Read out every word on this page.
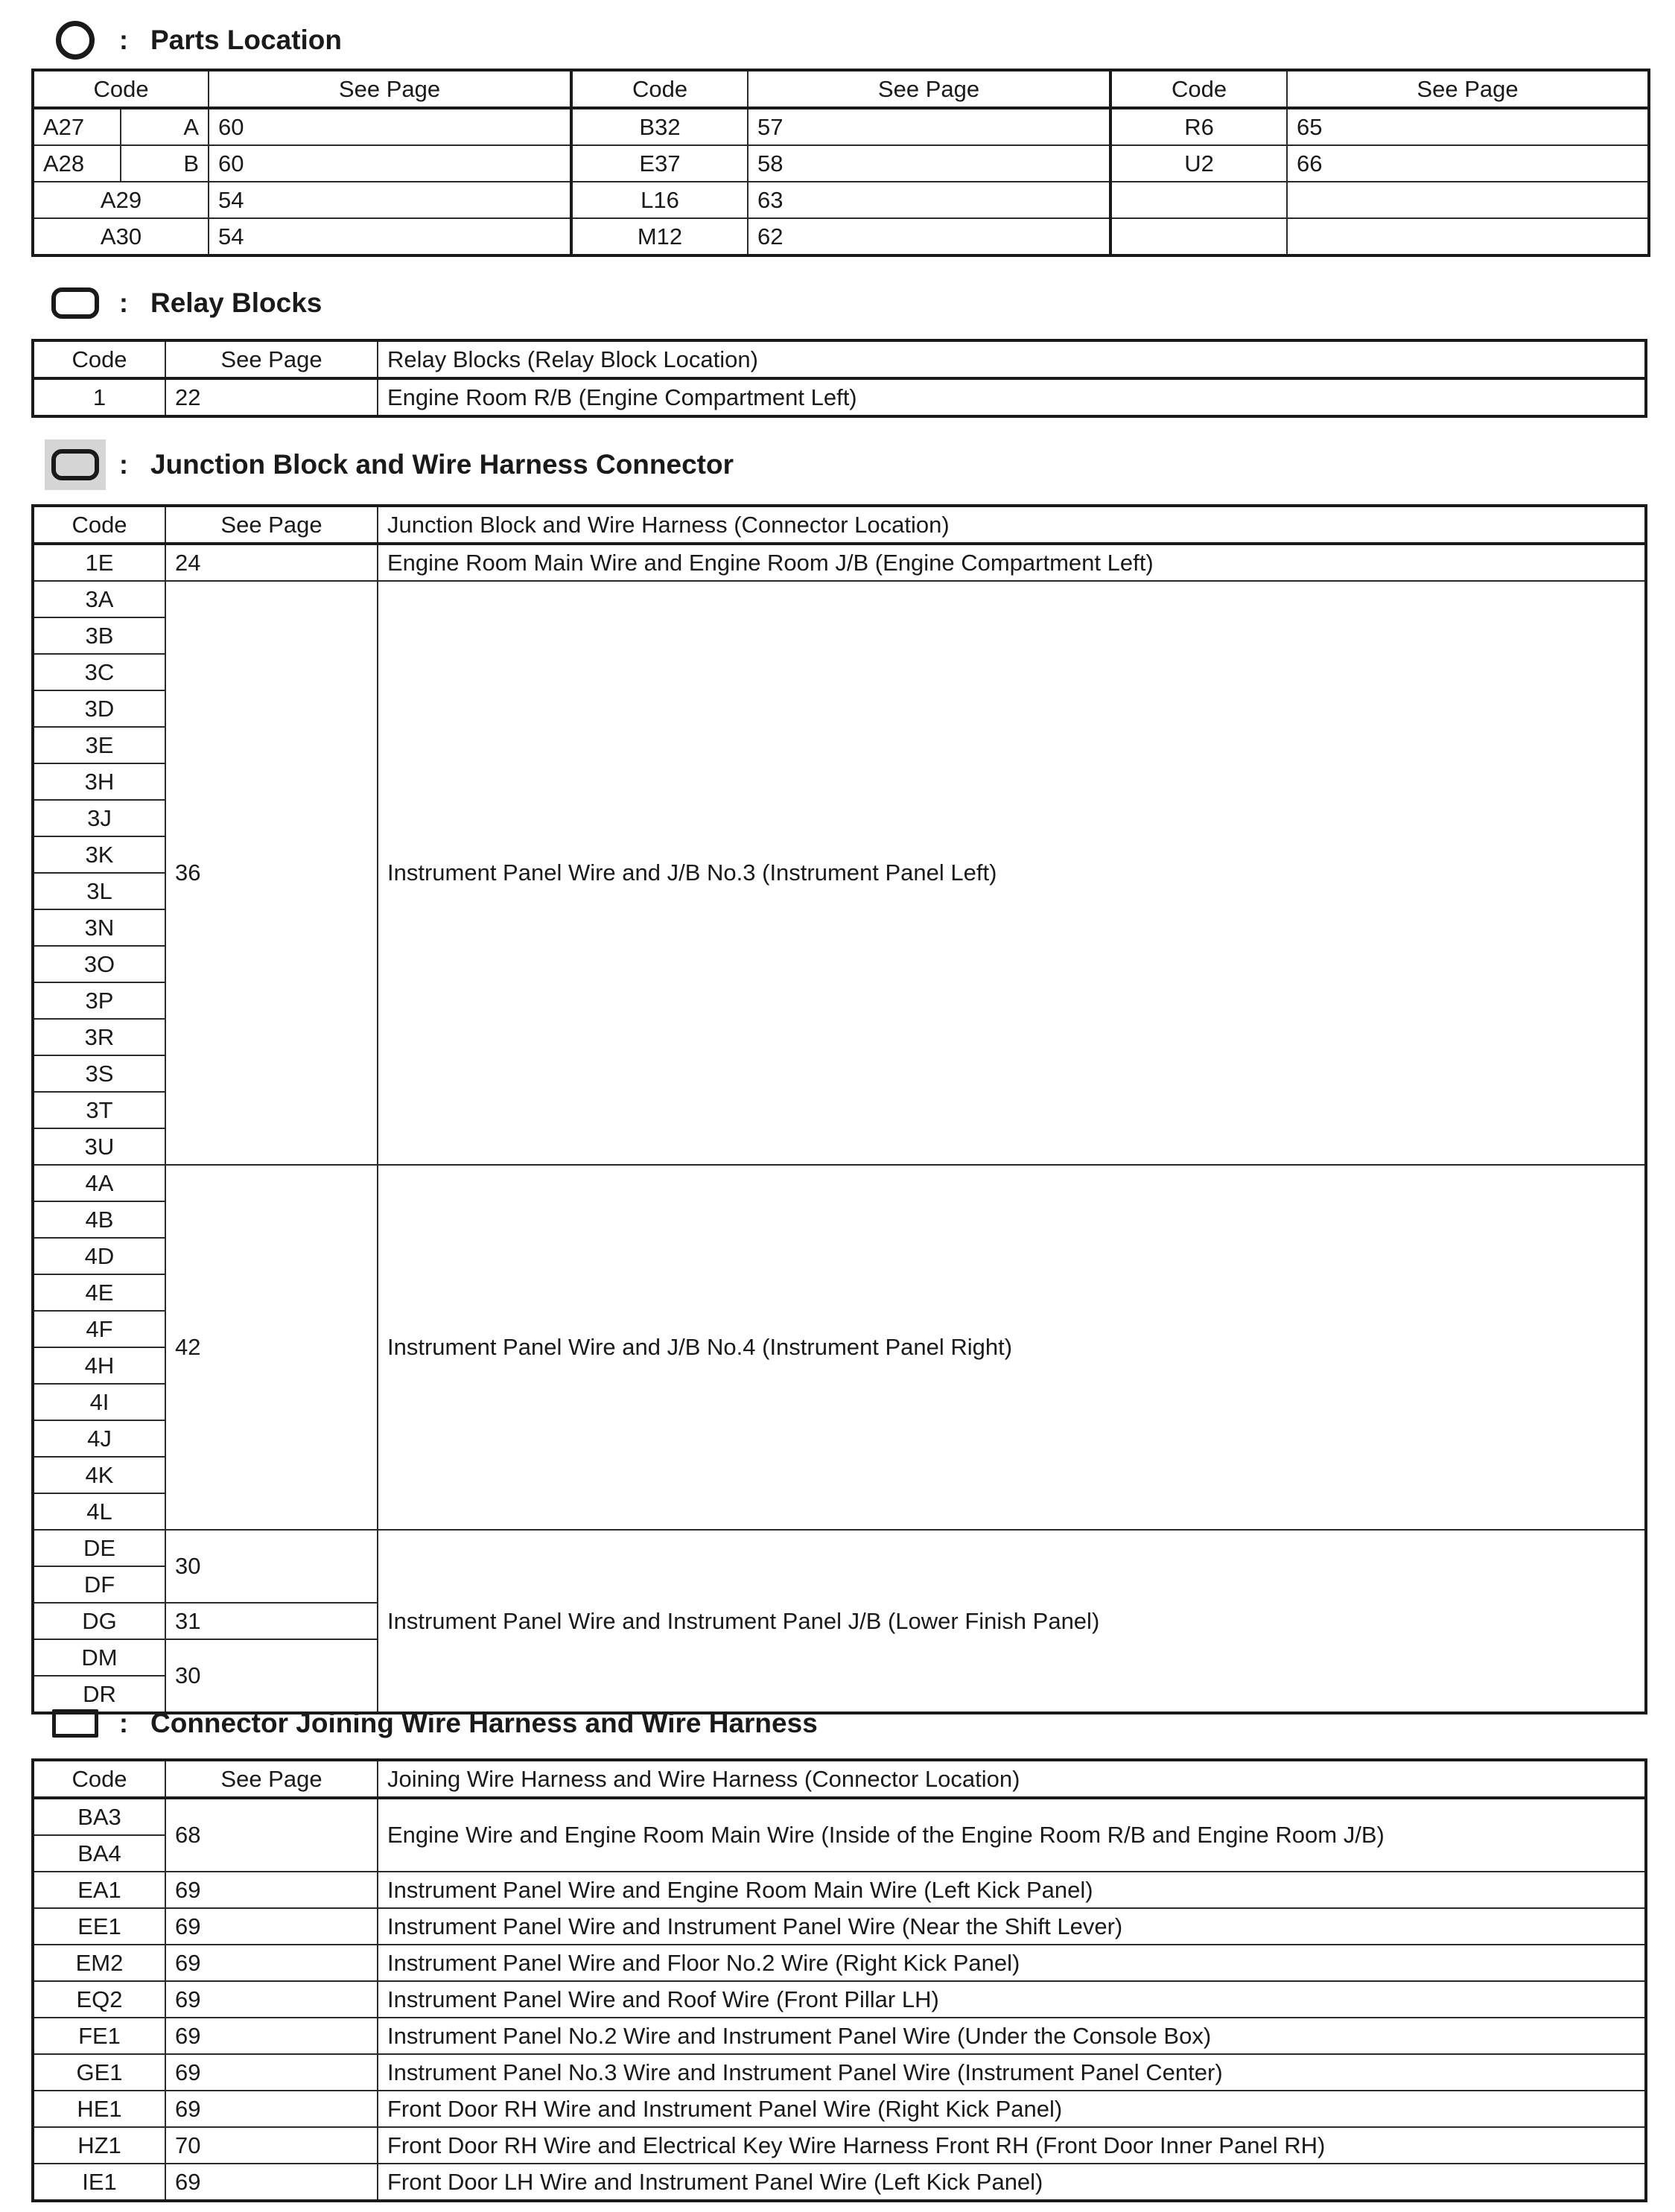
: Parts Location
Code		See Page	Code	See Page	Code	See Page
A27	A	60	B32	57	R6	65
A28	B	60	E37	58	U2	66
A29		54	L16	63		
A30		54	M12	62		
: Relay Blocks
Code	See Page	Relay Blocks (Relay Block Location)
1	22	Engine Room R/B (Engine Compartment Left)
: Junction Block and Wire Harness Connector
Code	See Page	Junction Block and Wire Harness (Connector Location)
1E	24	Engine Room Main Wire and Engine Room J/B (Engine Compartment Left)
3A	36	Instrument Panel Wire and J/B No.3 (Instrument Panel Left)
3B		
3C		
3D		
3E		
3H		
3J		
3K		
3L		
3N		
3O		
3P		
3R		
3S		
3T		
3U		
4A	42	Instrument Panel Wire and J/B No.4 (Instrument Panel Right)
4B		
4D		
4E		
4F		
4H		
4I		
4J		
4K		
4L		
DE	30	Instrument Panel Wire and Instrument Panel J/B (Lower Finish Panel)
DF		
DG	31	
DM	30	
DR		
: Connector Joining Wire Harness and Wire Harness
Code	See Page	Joining Wire Harness and Wire Harness (Connector Location)
BA3	68	Engine Wire and Engine Room Main Wire (Inside of the Engine Room R/B and Engine Room J/B)
BA4		
EA1	69	Instrument Panel Wire and Engine Room Main Wire (Left Kick Panel)
EE1	69	Instrument Panel Wire and Instrument Panel Wire (Near the Shift Lever)
EM2	69	Instrument Panel Wire and Floor No.2 Wire (Right Kick Panel)
EQ2	69	Instrument Panel Wire and Roof Wire (Front Pillar LH)
FE1	69	Instrument Panel No.2 Wire and Instrument Panel Wire (Under the Console Box)
GE1	69	Instrument Panel No.3 Wire and Instrument Panel Wire (Instrument Panel Center)
HE1	69	Front Door RH Wire and Instrument Panel Wire (Right Kick Panel)
HZ1	70	Front Door RH Wire and Electrical Key Wire Harness Front RH (Front Door Inner Panel RH)
IE1	69	Front Door LH Wire and Instrument Panel Wire (Left Kick Panel)
